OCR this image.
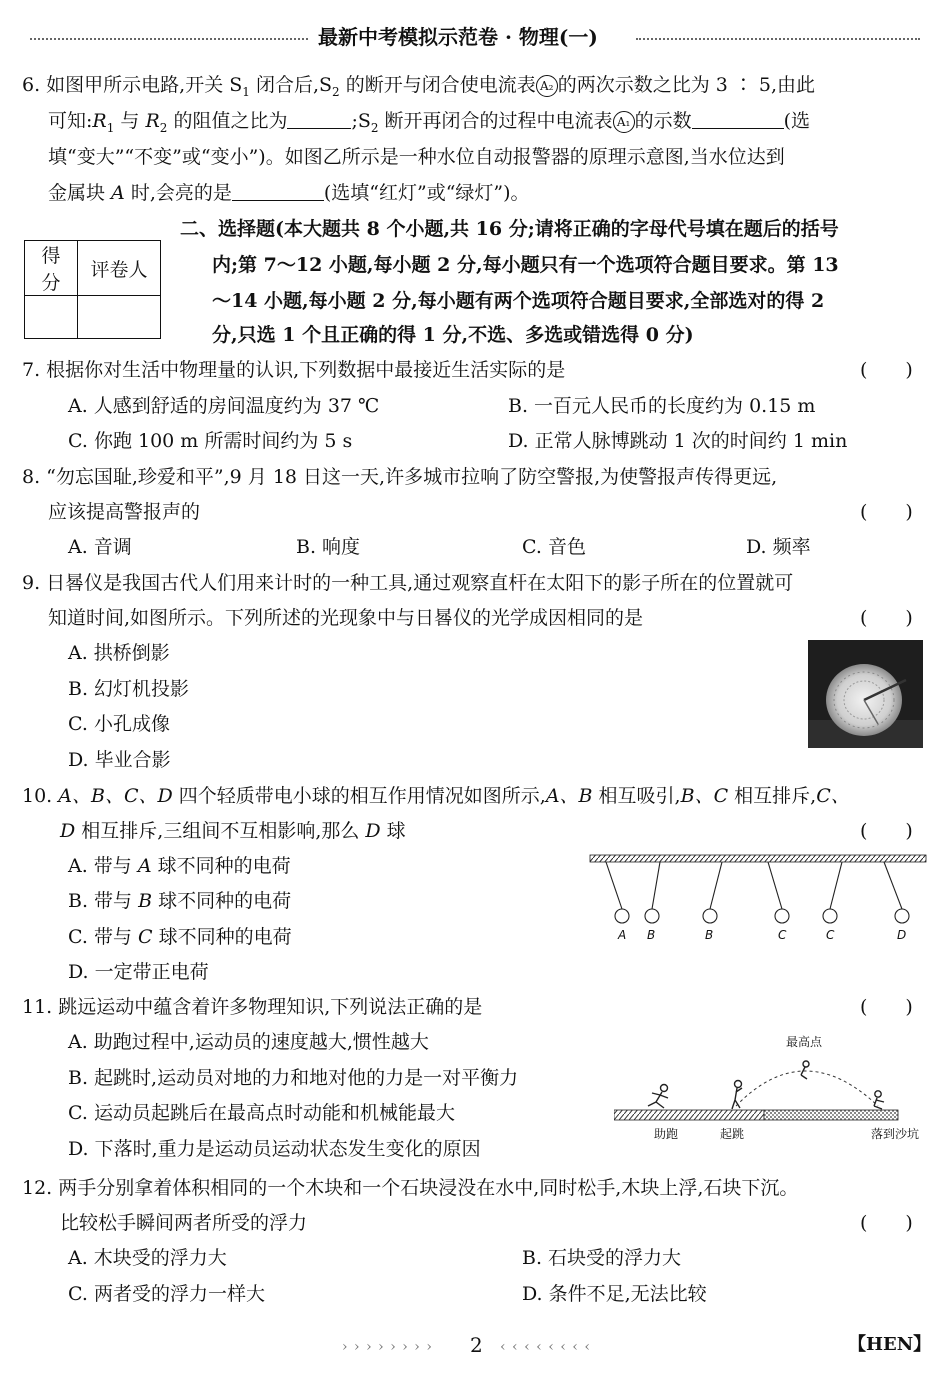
最新中考模拟示范卷 · 物理(一)
6. 如图甲所示电路,开关 $S_1$ 闭合后$,S_2$ 的断开与闭合使电流表 A₂ 的两次示数之比为 3 ∶ 5,由此
可知$:R_1$ 与 $R_2$ 的阻值之比为	$;S_2$ 断开再闭合的过程中电流表 A₁ 的示数	(选
填“变大”“不变”或“变小”)。如图乙所示是一种水位自动报警器的原理示意图,当水位达到
金属块 A 时,会亮的是	(选填“红灯”或“绿灯”)。
得分	评卷人

二、选择题(本大题共 8 个小题,共 16 分;请将正确的字母代号填在题后的括号
内;第 7～12 小题,每小题 2 分,每小题只有一个选项符合题目要求。第 13
～14 小题,每小题 2 分,每小题有两个选项符合题目要求,全部选对的得 2
分,只选 1 个且正确的得 1 分,不选、多选或错选得 0 分)
7. 根据你对生活中物理量的认识,下列数据中最接近生活实际的是	(　　)
A. 人感到舒适的房间温度约为 37 ℃	B. 一百元人民币的长度约为 0.15 m
C. 你跑 100 m 所需时间约为 5 s	D. 正常人脉博跳动 1 次的时间约 1 min
8. “勿忘国耻,珍爱和平”,9 月 18 日这一天,许多城市拉响了防空警报,为使警报声传得更远,
应该提高警报声的	(　　)
A. 音调	B. 响度	C. 音色	D. 频率
9. 日晷仪是我国古代人们用来计时的一种工具,通过观察直杆在太阳下的影子所在的位置就可
知道时间,如图所示。下列所述的光现象中与日晷仪的光学成因相同的是	(　　)
A. 拱桥倒影
B. 幻灯机投影
C. 小孔成像
D. 毕业合影
10. A、B、C、D 四个轻质带电小球的相互作用情况如图所示,A、B 相互吸引,B、C 相互排斥,C、
D 相互排斥,三组间不互相影响,那么 D 球	(　　)
A. 带与 A 球不同种的电荷
B. 带与 B 球不同种的电荷
C. 带与 C 球不同种的电荷
D. 一定带正电荷
A B	B	C	C	D
11. 跳远运动中蕴含着许多物理知识,下列说法正确的是	(　　)
A. 助跑过程中,运动员的速度越大,惯性越大
B. 起跳时,运动员对地的力和地对他的力是一对平衡力
C. 运动员起跳后在最高点时动能和机械能最大
D. 下落时,重力是运动员运动状态发生变化的原因
最高点
助跑	起跳	落到沙坑
12. 两手分别拿着体积相同的一个木块和一个石块浸没在水中,同时松手,木块上浮,石块下沉。
比较松手瞬间两者所受的浮力	(　　)
A. 木块受的浮力大	B. 石块受的浮力大
C. 两者受的浮力一样大	D. 条件不足,无法比较
› › › › › › › › 2 ‹ ‹ ‹ ‹ ‹ ‹ ‹ ‹	【HEN】
